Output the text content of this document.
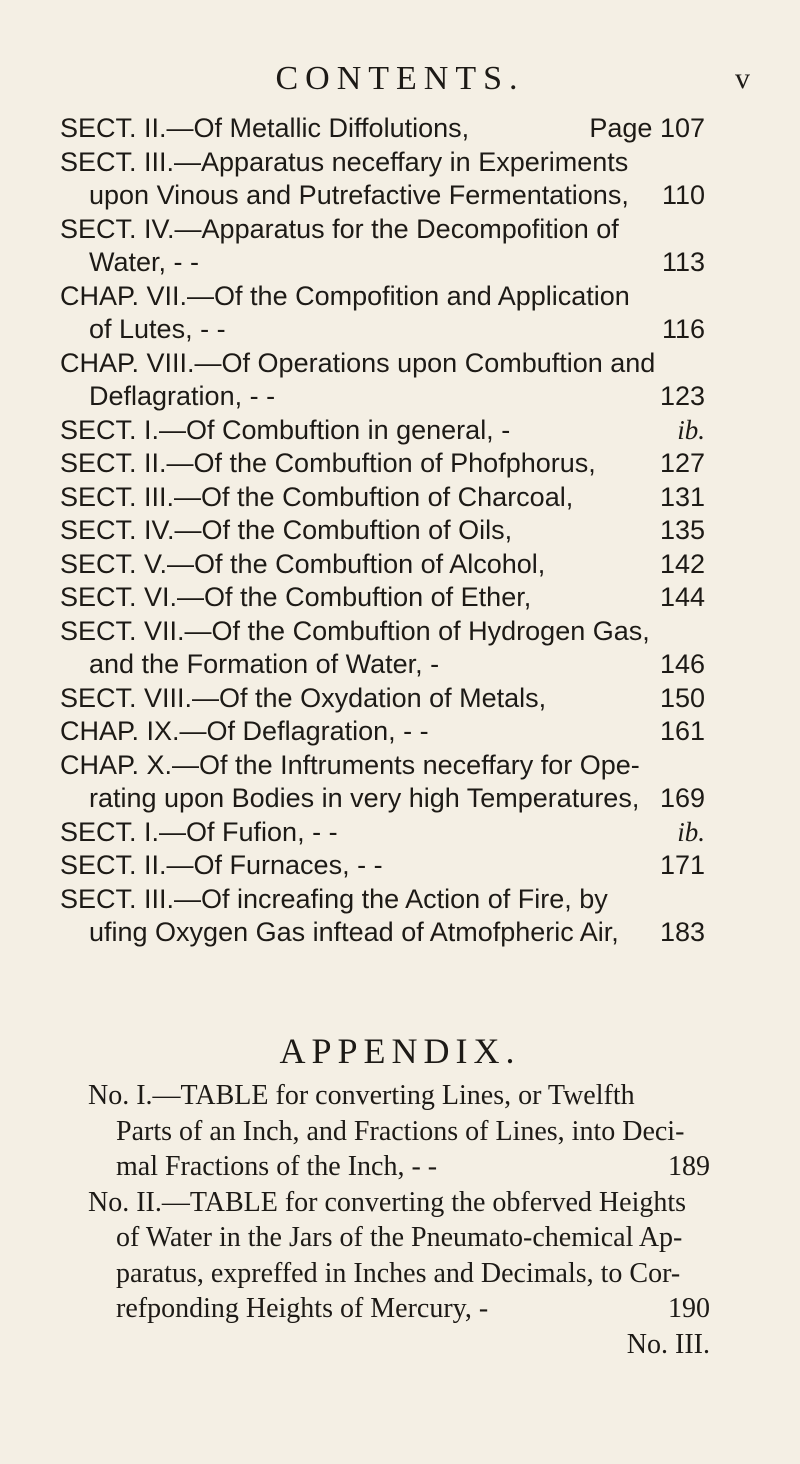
CONTENTS.	v
SECT. II.—Of Metallic Diffolutions,	Page 107
SECT. III.—Apparatus neceffary in Experiments
upon Vinous and Putrefactive Fermentations, 110
SECT. IV.—Apparatus for the Decompofition of
Water, - -	113
CHAP. VII.—Of the Compofition and Application
of Lutes, - -	116
CHAP. VIII.—Of Operations upon Combuftion and
Deflagration, - -	123
SECT. I.—Of Combuftion in general, -	ib.
SECT. II.—Of the Combuftion of Phofphorus, 127
SECT. III.—Of the Combuftion of Charcoal,	131
SECT. IV.—Of the Combuftion of Oils,	135
SECT. V.—Of the Combuftion of Alcohol,	142
SECT. VI.—Of the Combuftion of Ether,	144
SECT. VII.—Of the Combuftion of Hydrogen Gas,
and the Formation of Water, -	146
SECT. VIII.—Of the Oxydation of Metals,	150
CHAP. IX.—Of Deflagration, - -	161
CHAP. X.—Of the Inftruments neceffary for Ope-
rating upon Bodies in very high Temperatures, 169
SECT. I.—Of Fufion, - -	ib.
SECT. II.—Of Furnaces, - -	171
SECT. III.—Of increafing the Action of Fire, by
ufing Oxygen Gas inftead of Atmofpheric Air, 183
APPENDIX.
No. I.—TABLE for converting Lines, or Twelfth
Parts of an Inch, and Fractions of Lines, into Deci-
mal Fractions of the Inch, - -	189
No. II.—TABLE for converting the obferved Heights
of Water in the Jars of the Pneumato-chemical Ap-
paratus, expreffed in Inches and Decimals, to Cor-
refponding Heights of Mercury, -	190
No. III.
